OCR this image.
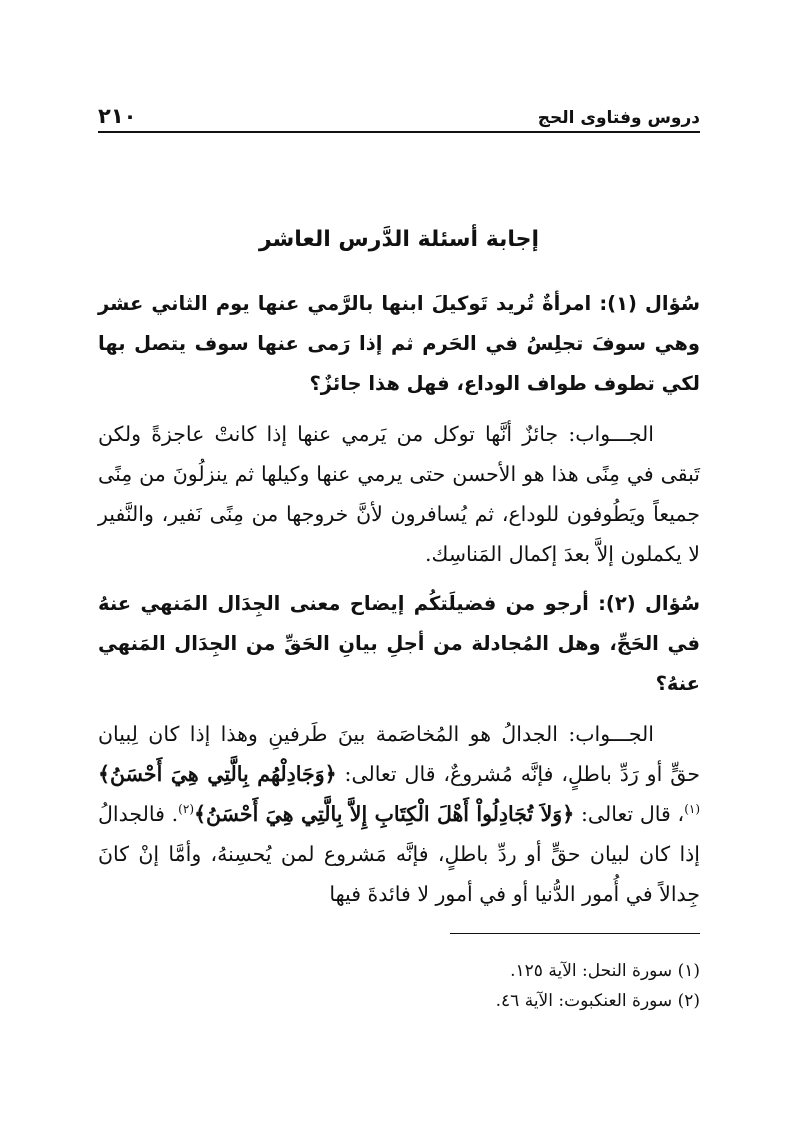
دروس وفتاوى الحج
٢١٠
إجابة أسئلة الدَّرس العاشر

سُؤال (١): امرأةٌ تُريد تَوكيلَ ابنها بالرَّمي عنها يوم الثاني عشر وهي سوفَ تجلِسُ في الحَرم ثم إذا رَمى عنها سوف يتصل بها لكي تطوف طواف الوداع، فهل هذا جائزٌ؟

الجـــواب: جائزٌ أنَّها توكل من يَرمي عنها إذا كانتْ عاجزةً ولكن تَبقى في مِنًى هذا هو الأحسن حتى يرمي عنها وكيلها ثم ينزلُونَ من مِنًى جميعاً ويَطُوفون للوداع، ثم يُسافرون لأنَّ خروجها من مِنًى نَفير، والنَّفير لا يكملون إلاَّ بعدَ إكمال المَناسِك.

سُؤال (٢): أرجو من فضيلَتكُم إيضاح معنى الجِدَال المَنهي عنهُ في الحَجِّ، وهل المُجادلة من أجلِ بيانِ الحَقِّ من الجِدَال المَنهي عنهُ؟

الجـــواب: الجدالُ هو المُخاصَمة بينَ طَرفينِ وهذا إذا كان لِبيان حقٍّ أو رَدِّ باطلٍ، فإنَّه مُشروعٌ، قال تعالى: ﴿وَجَادِلْهُم بِالَّتِي هِيَ أَحْسَنُ﴾$^{(١)}$، قال تعالى: ﴿وَلاَ تُجَادِلُواْ أَهْلَ الْكِتَابِ إِلاَّ بِالَّتِي هِيَ أَحْسَنُ﴾$^{(٢)}$. فالجدالُ إذا كان لبيان حقٍّ أو ردِّ باطلٍ، فإنَّه مَشروع لمن يُحسِنهُ، وأمَّا إنْ كانَ جِدالاً في أُمور الدُّنيا أو في أمور لا فائدةَ فيها

(١) سورة النحل: الآية ١٢٥.

(٢) سورة العنكبوت: الآية ٤٦.
